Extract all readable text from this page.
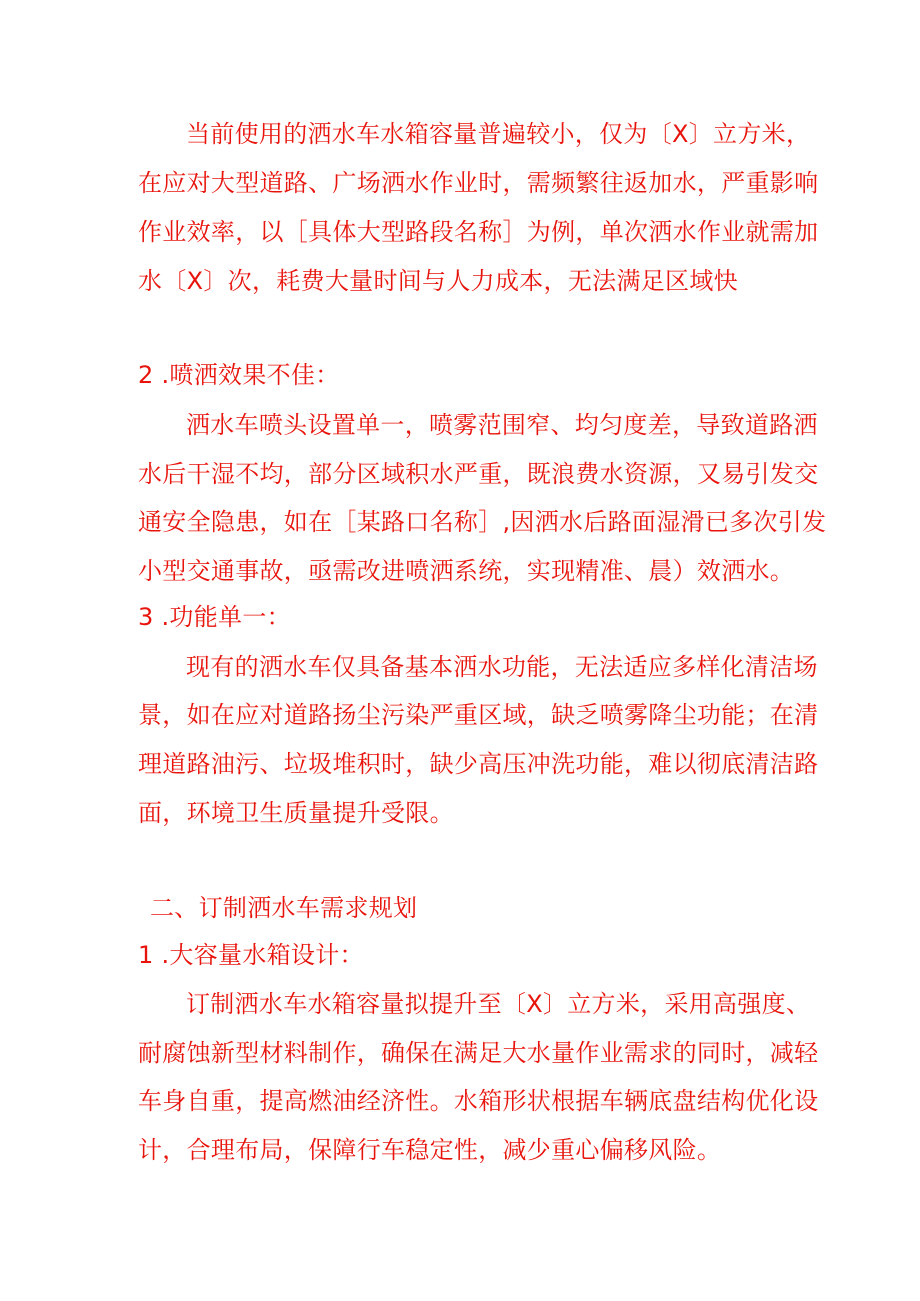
当前使用的洒水车水箱容量普遍较小，仅为〔X〕立方米，
在应对大型道路、广场洒水作业时，需频繁往返加水，严重影响
作业效率，以［具体大型路段名称］为例，单次洒水作业就需加
水〔X〕次，耗费大量时间与人力成本，无法满足区域快
2 .喷洒效果不佳：
洒水车喷头设置单一，喷雾范围窄、均匀度差，导致道路洒
水后干湿不均，部分区域积水严重，既浪费水资源，又易引发交
通安全隐患，如在［某路口名称］,因洒水后路面湿滑已多次引发
小型交通事故，亟需改进喷洒系统，实现精准、晨）效洒水。
3 .功能单一：
现有的洒水车仅具备基本洒水功能，无法适应多样化清洁场
景，如在应对道路扬尘污染严重区域，缺乏喷雾降尘功能；在清
理道路油污、垃圾堆积时，缺少高压冲洗功能，难以彻底清洁路
面，环境卫生质量提升受限。
二、订制洒水车需求规划
1 .大容量水箱设计：
订制洒水车水箱容量拟提升至〔X〕立方米，采用高强度、
耐腐蚀新型材料制作，确保在满足大水量作业需求的同时，减轻
车身自重，提高燃油经济性。水箱形状根据车辆底盘结构优化设
计，合理布局，保障行车稳定性，减少重心偏移风险。
